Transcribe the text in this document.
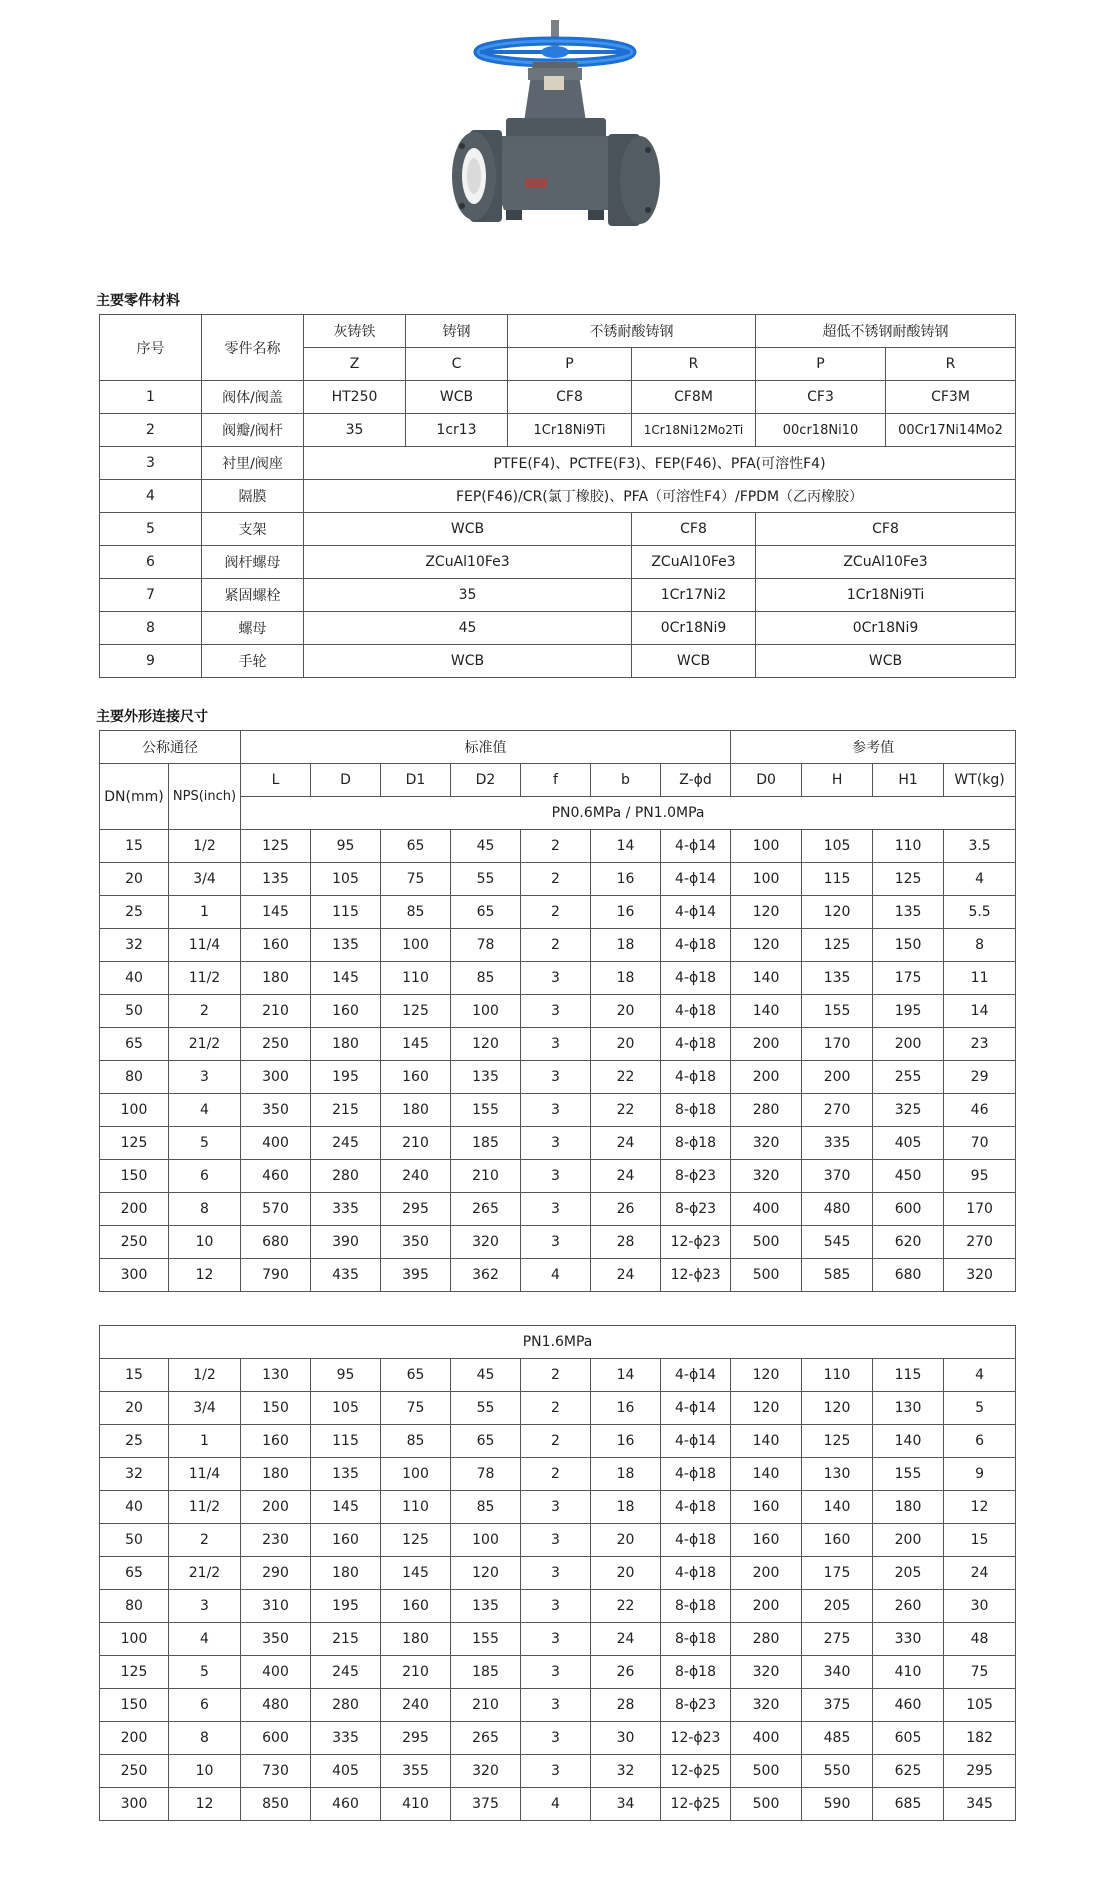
主要零件材料
序号	零件名称	灰铸铁	铸钢	不锈耐酸铸钢		超低不锈钢耐酸铸钢	
		Z	C	P	R	P	R
1	阀体/阀盖	HT250	WCB	CF8	CF8M	CF3	CF3M
2	阀瓣/阀杆	35	1cr13	1Cr18Ni9Ti	1Cr18Ni12Mo2Ti	00cr18Ni10	00Cr17Ni14Mo2
3	衬里/阀座	PTFE(F4)、PCTFE(F3)、FEP(F46)、PFA(可溶性F4)					
4	隔膜	FEP(F46)/CR(氯丁橡胶)、PFA（可溶性F4）/FPDM（乙丙橡胶）					
5	支架	WCB			CF8	CF8	
6	阀杆螺母	ZCuAl10Fe3			ZCuAl10Fe3	ZCuAl10Fe3	
7	紧固螺栓	35			1Cr17Ni2	1Cr18Ni9Ti	
8	螺母	45			0Cr18Ni9	0Cr18Ni9	
9	手轮	WCB			WCB	WCB	
主要外形连接尺寸
公称通径		标准值							参考值			
DN(mm)	NPS(inch)	L	D	D1	D2	f	b	Z-ϕd	D0	H	H1	WT(kg)
		PN0.6MPa / PN1.0MPa										
15	1/2	125	95	65	45	2	14	4-ϕ14	100	105	110	3.5
20	3/4	135	105	75	55	2	16	4-ϕ14	100	115	125	4
25	1	145	115	85	65	2	16	4-ϕ14	120	120	135	5.5
32	11/4	160	135	100	78	2	18	4-ϕ18	120	125	150	8
40	11/2	180	145	110	85	3	18	4-ϕ18	140	135	175	11
50	2	210	160	125	100	3	20	4-ϕ18	140	155	195	14
65	21/2	250	180	145	120	3	20	4-ϕ18	200	170	200	23
80	3	300	195	160	135	3	22	4-ϕ18	200	200	255	29
100	4	350	215	180	155	3	22	8-ϕ18	280	270	325	46
125	5	400	245	210	185	3	24	8-ϕ18	320	335	405	70
150	6	460	280	240	210	3	24	8-ϕ23	320	370	450	95
200	8	570	335	295	265	3	26	8-ϕ23	400	480	600	170
250	10	680	390	350	320	3	28	12-ϕ23	500	545	620	270
300	12	790	435	395	362	4	24	12-ϕ23	500	585	680	320
PN1.6MPa												
15	1/2	130	95	65	45	2	14	4-ϕ14	120	110	115	4
20	3/4	150	105	75	55	2	16	4-ϕ14	120	120	130	5
25	1	160	115	85	65	2	16	4-ϕ14	140	125	140	6
32	11/4	180	135	100	78	2	18	4-ϕ18	140	130	155	9
40	11/2	200	145	110	85	3	18	4-ϕ18	160	140	180	12
50	2	230	160	125	100	3	20	4-ϕ18	160	160	200	15
65	21/2	290	180	145	120	3	20	4-ϕ18	200	175	205	24
80	3	310	195	160	135	3	22	8-ϕ18	200	205	260	30
100	4	350	215	180	155	3	24	8-ϕ18	280	275	330	48
125	5	400	245	210	185	3	26	8-ϕ18	320	340	410	75
150	6	480	280	240	210	3	28	8-ϕ23	320	375	460	105
200	8	600	335	295	265	3	30	12-ϕ23	400	485	605	182
250	10	730	405	355	320	3	32	12-ϕ25	500	550	625	295
300	12	850	460	410	375	4	34	12-ϕ25	500	590	685	345
